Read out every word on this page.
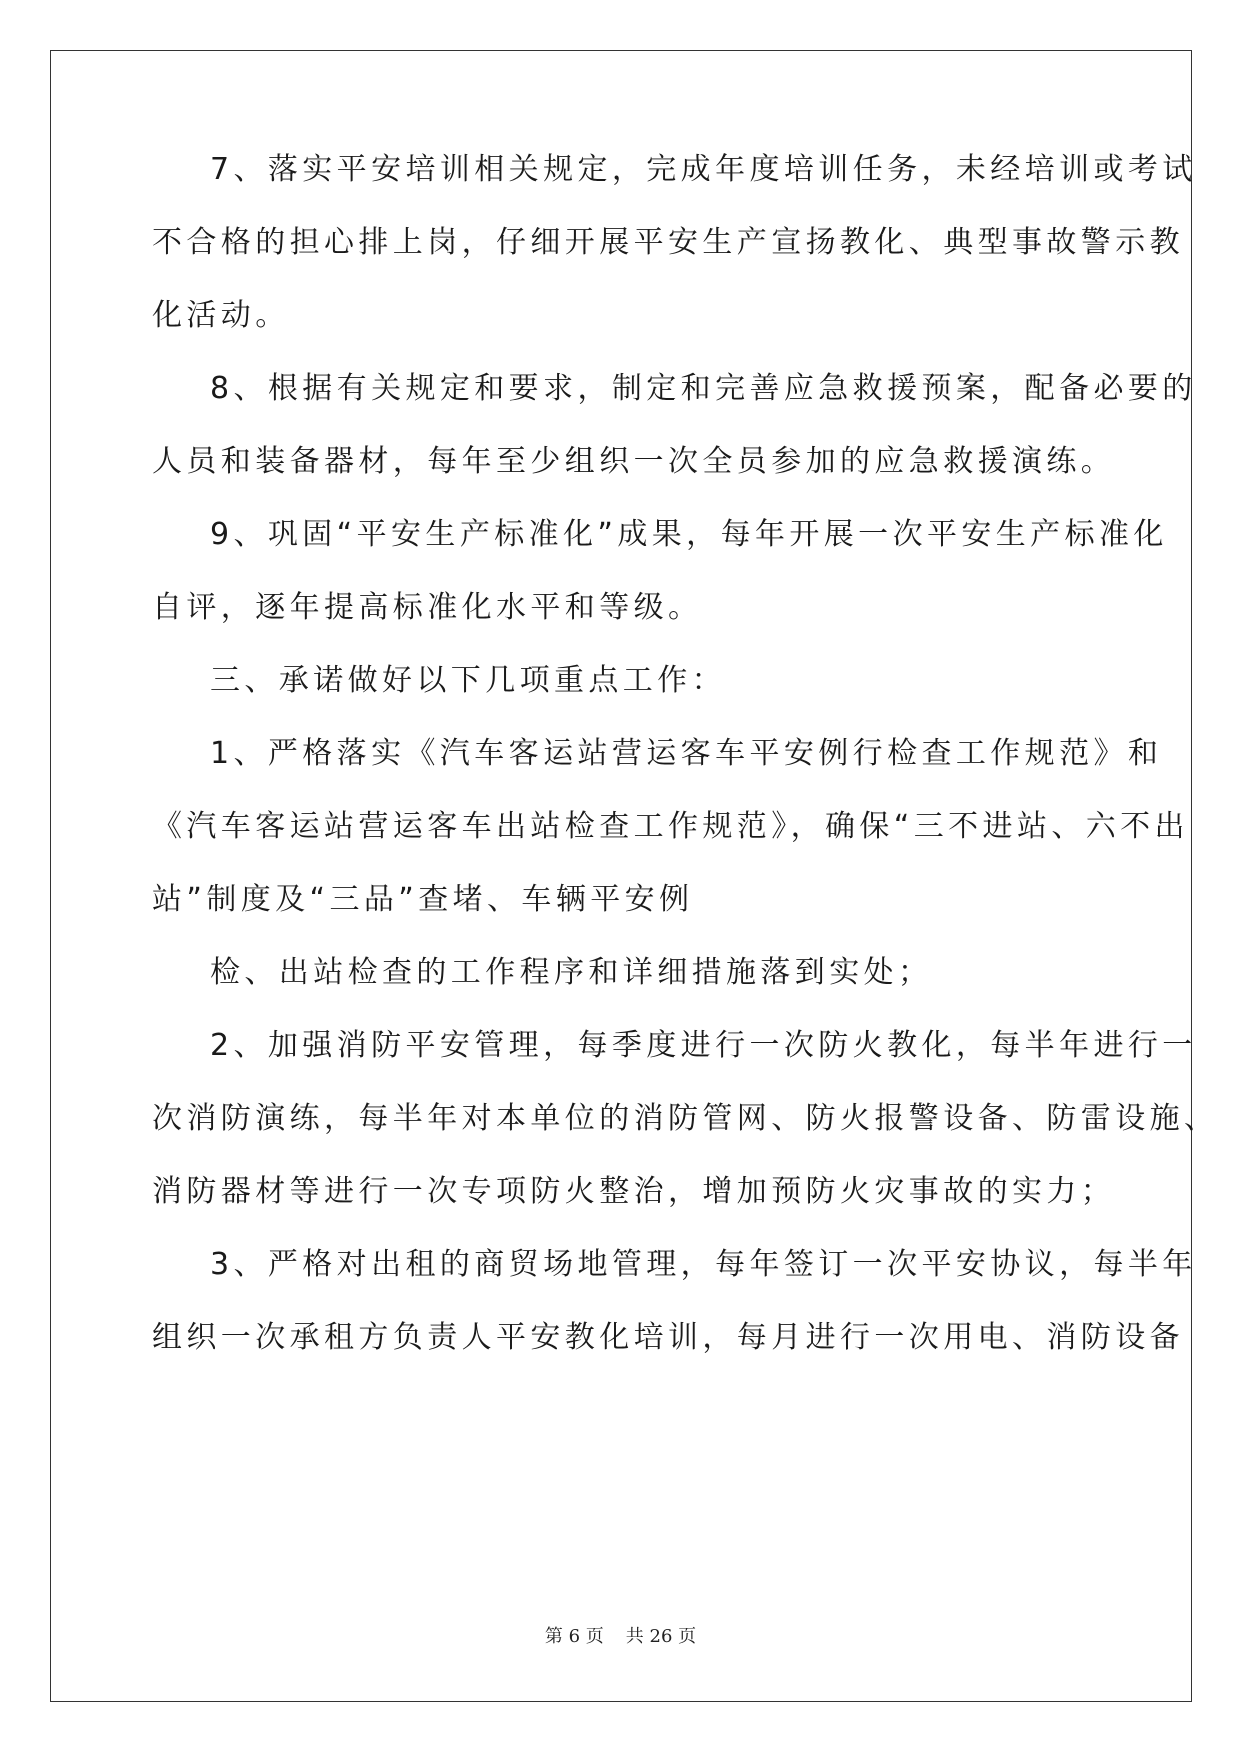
7、落实平安培训相关规定，完成年度培训任务，未经培训或考试
不合格的担心排上岗，仔细开展平安生产宣扬教化、典型事故警示教
化活动。
8、根据有关规定和要求，制定和完善应急救援预案，配备必要的
人员和装备器材，每年至少组织一次全员参加的应急救援演练。
9、巩固“平安生产标准化”成果，每年开展一次平安生产标准化
自评，逐年提高标准化水平和等级。
三、承诺做好以下几项重点工作：
1、严格落实《汽车客运站营运客车平安例行检查工作规范》和
《汽车客运站营运客车出站检查工作规范》，确保“三不进站、六不出
站”制度及“三品”查堵、车辆平安例
检、出站检查的工作程序和详细措施落到实处；
2、加强消防平安管理，每季度进行一次防火教化，每半年进行一
次消防演练，每半年对本单位的消防管网、防火报警设备、防雷设施、
消防器材等进行一次专项防火整治，增加预防火灾事故的实力；
3、严格对出租的商贸场地管理，每年签订一次平安协议，每半年
组织一次承租方负责人平安教化培训，每月进行一次用电、消防设备
第 6 页 共 26 页
